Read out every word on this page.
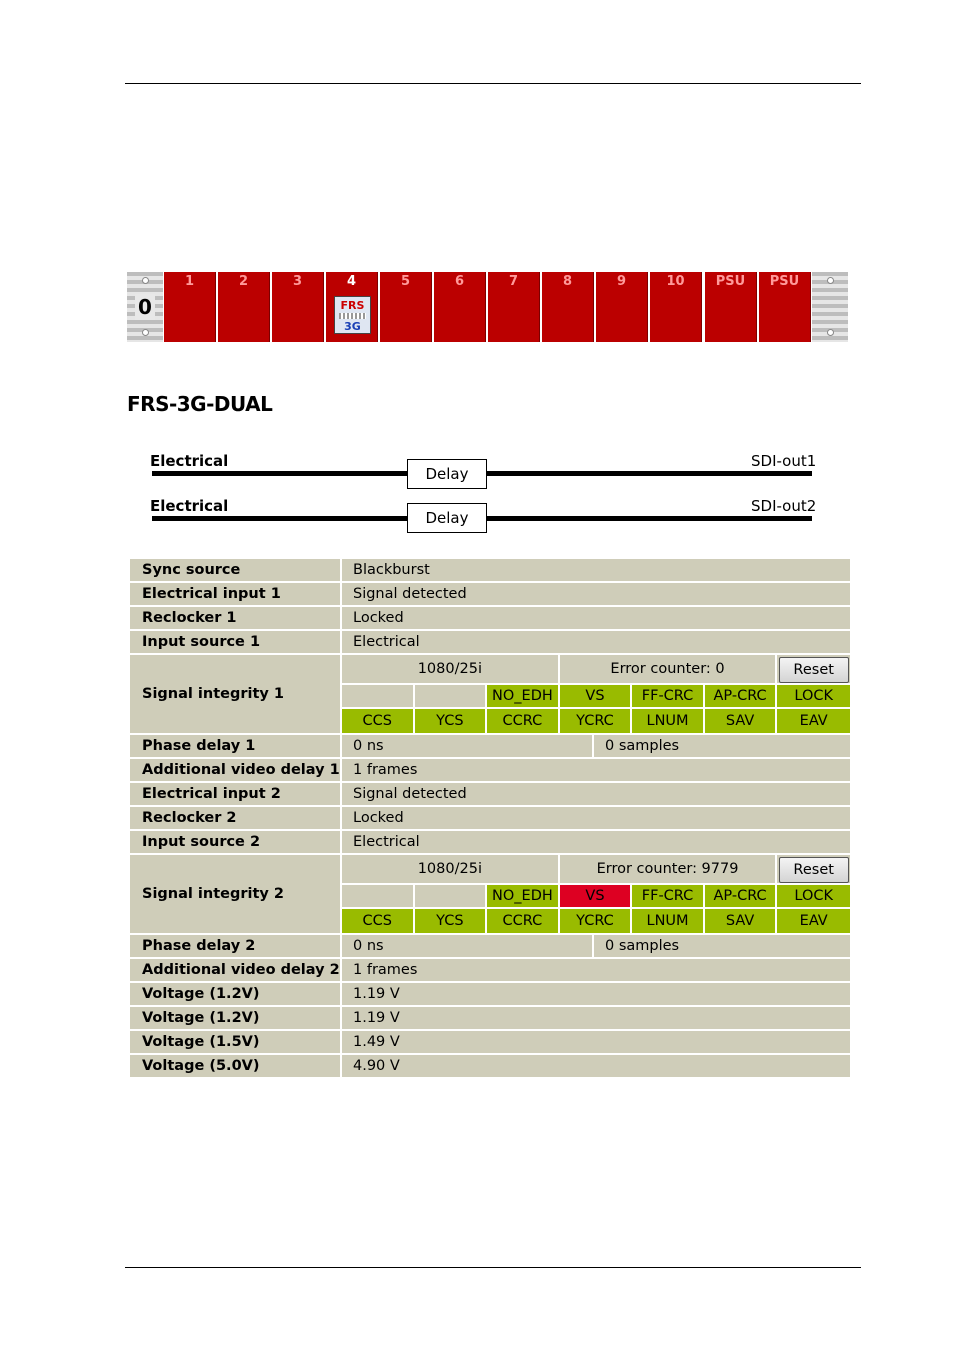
0
1	2	3	4
FRS
3G
5	6	7	8	9	10	PSU	PSU
FRS-3G-DUAL
Electrical
Delay
SDI-out1
Electrical
Delay
SDI-out2
Sync source	Blackburst
Electrical input 1	Signal detected
Reclocker 1	Locked
Input source 1	Electrical
Signal integrity 1	
1080/25i	Error counter: 0	Reset
		NO_EDH	VS	FF-CRC	AP-CRC	LOCK
CCS	YCS	CCRC	YCRC	LNUM	SAV	EAV

Phase delay 1	0 ns	0 samples
Additional video delay 1	1 frames
Electrical input 2	Signal detected
Reclocker 2	Locked
Input source 2	Electrical
Signal integrity 2	
1080/25i	Error counter: 9779	Reset
		NO_EDH	VS	FF-CRC	AP-CRC	LOCK
CCS	YCS	CCRC	YCRC	LNUM	SAV	EAV

Phase delay 2	0 ns	0 samples
Additional video delay 2	1 frames
Voltage (1.2V)	1.19 V
Voltage (1.2V)	1.19 V
Voltage (1.5V)	1.49 V
Voltage (5.0V)	4.90 V
